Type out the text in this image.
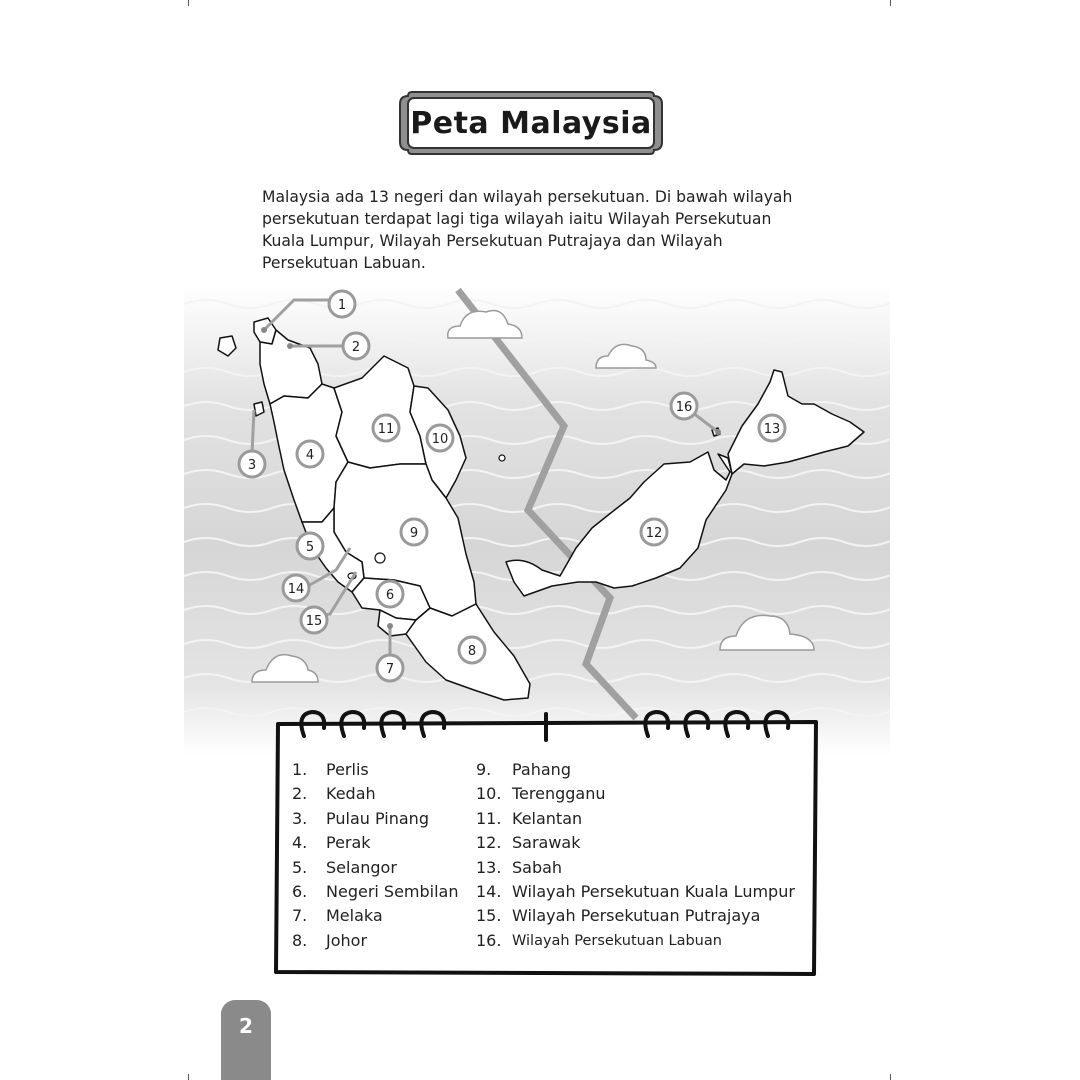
Peta Malaysia

Malaysia ada 13 negeri dan wilayah persekutuan. Di bawah wilayah persekutuan terdapat lagi tiga wilayah iaitu Wilayah Persekutuan Kuala Lumpur, Wilayah Persekutuan Putrajaya dan Wilayah Persekutuan Labuan.

1
2
3
4
5
6
7
8
9
10
11
12
13
14
15
16
1.	Perlis	9.	Pahang
2.	Kedah	10. Terengganu
3.	Pulau Pinang	11. Kelantan
4.	Perak	12. Sarawak
5.	Selangor	13. Sabah
6.	Negeri Sembilan 14. Wilayah Persekutuan Kuala Lumpur
7.	Melaka	15. Wilayah Persekutuan Putrajaya
8.	Johor	16. Wilayah Persekutuan Labuan
2
